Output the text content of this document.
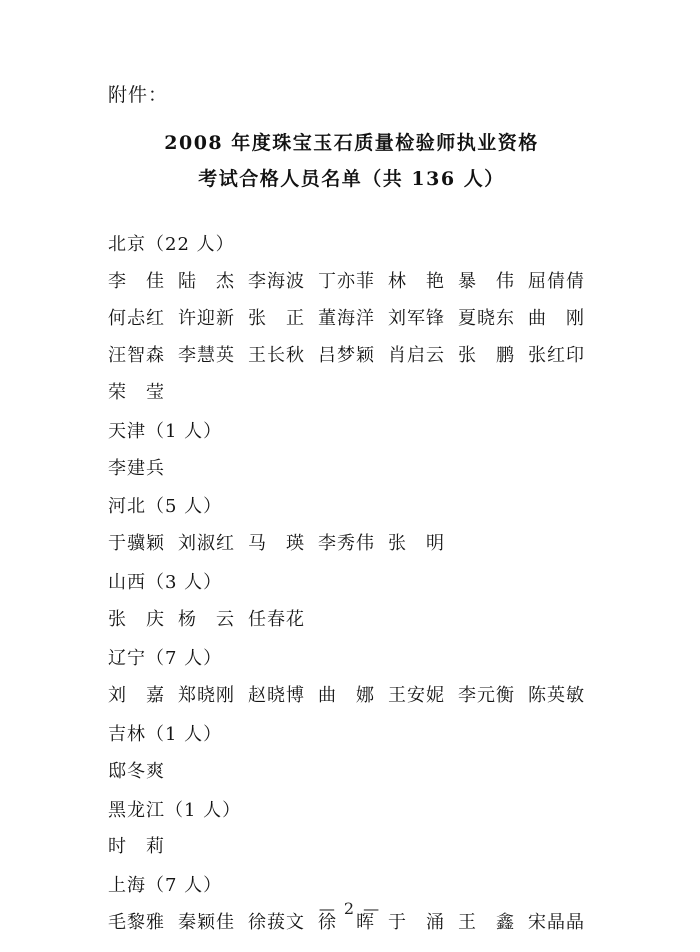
附件：
2008 年度珠宝玉石质量检验师执业资格
考试合格人员名单（共 136 人）
北京（22 人）
李　佳 陆　杰 李海波 丁亦菲 林　艳 暴　伟 屈倩倩
何忐红 许迎新 张　正 董海洋 刘军锋 夏晓东 曲　刚
汪智森 李慧英 王长秋 吕梦颖 肖启云 张　鹏 张红印
荣　莹
天津（1 人）
李建兵
河北（5 人）
于骥颖 刘淑红 马　瑛 李秀伟 张　明
山西（3 人）
张　庆 杨　云 任春花
辽宁（7 人）
刘　嘉 郑晓刚 赵晓博 曲　娜 王安妮 李元衡 陈英敏
吉林（1 人）
邸冬爽
黑龙江（1 人）
时　莉
上海（7 人）
毛黎雅 秦颖佳 徐菝文 徐　晖 于　涌 王　鑫 宋晶晶
— 2 —
